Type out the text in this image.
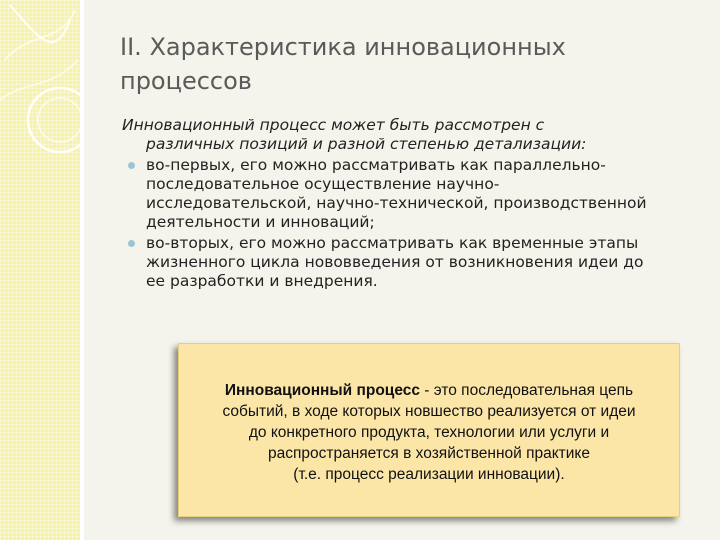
II. Характеристика инновационных
процессов
Инновационный процесс может быть рассмотрен с
различных позиций и разной степенью детализации:
во-первых, его можно рассматривать как параллельно-
последовательное осуществление научно-
исследовательской, научно-технической, производственной
деятельности и инноваций;
во-вторых, его можно рассматривать как временные этапы
жизненного цикла нововведения от возникновения идеи до
ее разработки и внедрения.
Инновационный процесс - это последовательная цепь
событий, в ходе которых новшество реализуется от идеи
до конкретного продукта, технологии или услуги и
распространяется в хозяйственной практике
(т.е. процесс реализации инновации).
